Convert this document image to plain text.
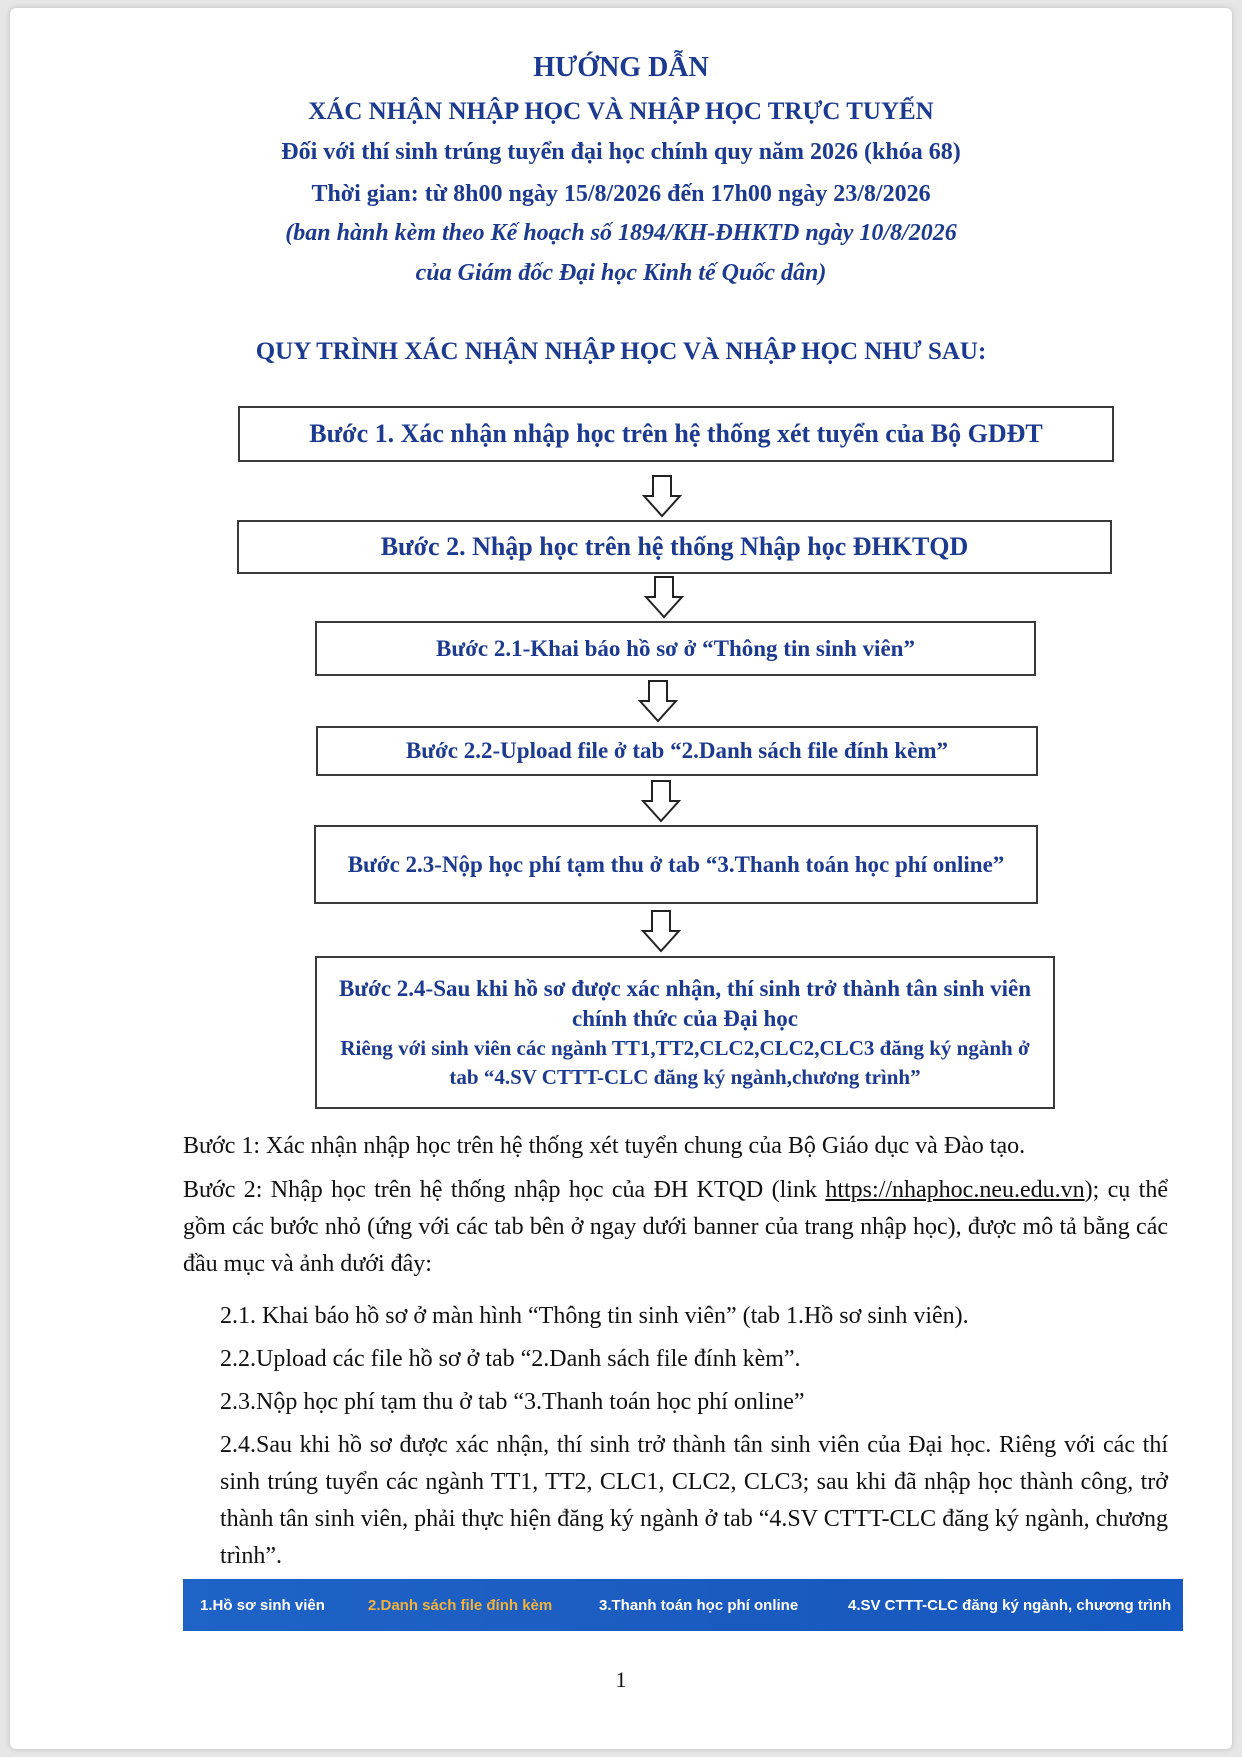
HƯỚNG DẪN
XÁC NHẬN NHẬP HỌC VÀ NHẬP HỌC TRỰC TUYẾN
Đối với thí sinh trúng tuyển đại học chính quy năm 2026 (khóa 68)
Thời gian: từ 8h00 ngày 15/8/2026 đến 17h00 ngày 23/8/2026
(ban hành kèm theo Kế hoạch số 1894/KH-ĐHKTD ngày 10/8/2026
của Giám đốc Đại học Kinh tế Quốc dân)
QUY TRÌNH XÁC NHẬN NHẬP HỌC VÀ NHẬP HỌC NHƯ SAU:
Bước 1. Xác nhận nhập học trên hệ thống xét tuyển của Bộ GDĐT
Bước 2. Nhập học trên hệ thống Nhập học ĐHKTQD
Bước 2.1-Khai báo hồ sơ ở “Thông tin sinh viên”
Bước 2.2-Upload file ở tab “2.Danh sách file đính kèm”
Bước 2.3-Nộp học phí tạm thu ở tab “3.Thanh toán học phí online”
Bước 2.4-Sau khi hồ sơ được xác nhận, thí sinh trở thành tân sinh viên chính thức của Đại học
Riêng với sinh viên các ngành TT1,TT2,CLC2,CLC2,CLC3 đăng ký ngành ở tab “4.SV CTTT-CLC đăng ký ngành,chương trình”
Bước 1: Xác nhận nhập học trên hệ thống xét tuyển chung của Bộ Giáo dục và Đào tạo.
Bước 2: Nhập học trên hệ thống nhập học của ĐH KTQD (link https://nhaphoc.neu.edu.vn); cụ thể gồm các bước nhỏ (ứng với các tab bên ở ngay dưới banner của trang nhập học), được mô tả bằng các đầu mục và ảnh dưới đây:
2.1. Khai báo hồ sơ ở màn hình “Thông tin sinh viên” (tab 1.Hồ sơ sinh viên).
2.2.Upload các file hồ sơ ở tab “2.Danh sách file đính kèm”.
2.3.Nộp học phí tạm thu ở tab “3.Thanh toán học phí online”
2.4.Sau khi hồ sơ được xác nhận, thí sinh trở thành tân sinh viên của Đại học. Riêng với các thí sinh trúng tuyển các ngành TT1, TT2, CLC1, CLC2, CLC3; sau khi đã nhập học thành công, trở thành tân sinh viên, phải thực hiện đăng ký ngành ở tab “4.SV CTTT-CLC đăng ký ngành, chương trình”.
1.Hồ sơ sinh viên	2.Danh sách file đính kèm	3.Thanh toán học phí online	4.SV CTTT-CLC đăng ký ngành, chương trình
1
